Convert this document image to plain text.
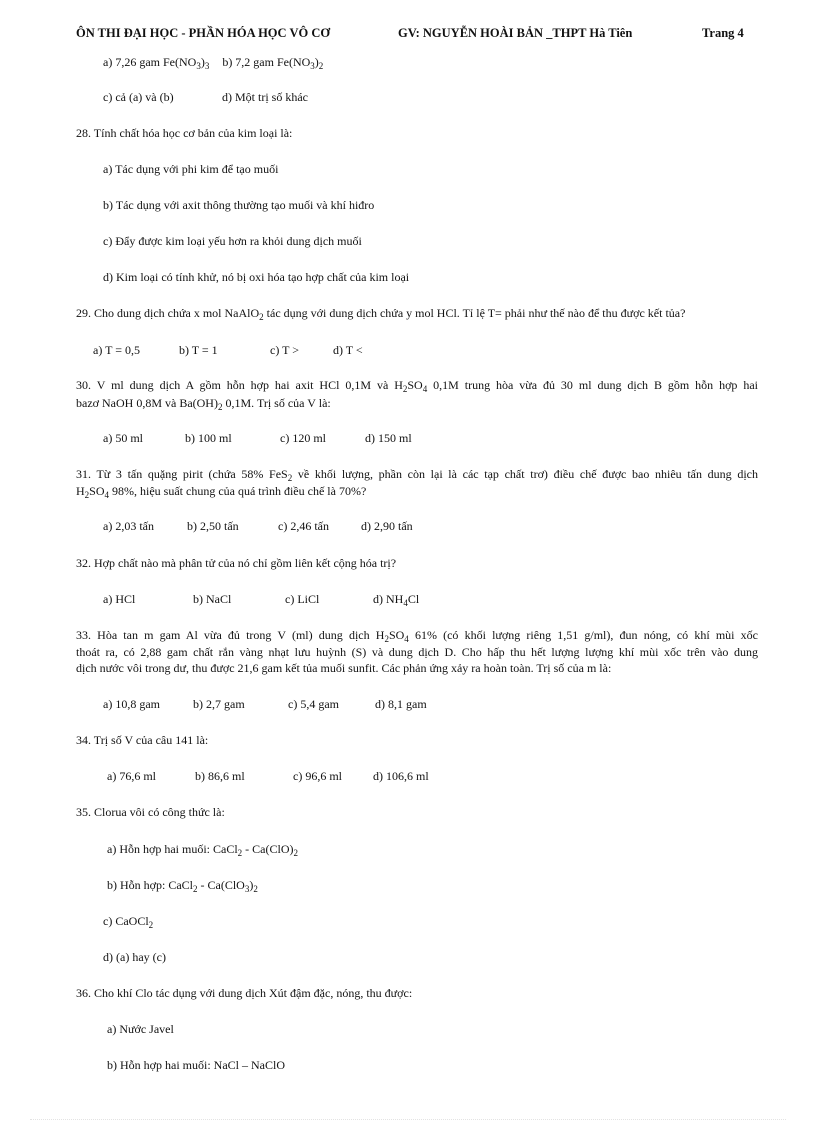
ÔN THI ĐẠI HỌC - PHẦN HÓA HỌC VÔ CƠ	GV: NGUYỄN HOÀI BẢN _THPT Hà Tiên	Trang 4
a) 7,26 gam $Fe(NO_3)_3$ b) 7,2 gam $Fe(NO_3)_2$
c) cả (a) và (b)	d) Một trị số khác
28. Tính chất hóa học cơ bản của kim loại là:
a) Tác dụng với phi kim để tạo muối
b) Tác dụng với axit thông thường tạo muối và khí hiđro
c) Đẩy được kim loại yếu hơn ra khỏi dung dịch muối
d) Kim loại có tính khử, nó bị oxi hóa tạo hợp chất của kim loại
29. Cho dung dịch chứa x mol NaAlO$_2$ tác dụng với dung dịch chứa y mol HCl. Tỉ lệ T= phải như thế nào để thu được kết tủa?
a) T = 0,5	b) T = 1	c) T >	d) T <
30. V ml dung dịch A gồm hỗn hợp hai axit HCl 0,1M và $H_2SO_4$ 0,1M trung hòa vừa đủ 30 ml dung dịch B gồm hỗn hợp hai
bazơ NaOH 0,8M và $Ba(OH)_2$ 0,1M. Trị số của V là:
a) 50 ml	b) 100 ml	c) 120 ml	d) 150 ml
31. Từ 3 tấn quặng pirit (chứa 58% FeS$_2$ về khối lượng, phần còn lại là các tạp chất trơ) điều chế được bao nhiêu tấn dung dịch
$H_2SO_4$ 98%, hiệu suất chung của quá trình điều chế là 70%?
a) 2,03 tấn	b) 2,50 tấn	c) 2,46 tấn	d) 2,90 tấn
32. Hợp chất nào mà phân tử của nó chỉ gồm liên kết cộng hóa trị?
a) HCl	b) NaCl	c) LiCl	d) $NH_4Cl$
33. Hòa tan m gam Al vừa đủ trong V (ml) dung dịch $H_2SO_4$ 61% (có khối lượng riêng 1,51 g/ml), đun nóng, có khí mùi xốc
thoát ra, có 2,88 gam chất rắn vàng nhạt lưu huỳnh (S) và dung dịch D. Cho hấp thu hết lượng lượng khí mùi xốc trên vào dung
dịch nước vôi trong dư, thu được 21,6 gam kết tủa muối sunfit. Các phản ứng xảy ra hoàn toàn. Trị số của m là:
a) 10,8 gam	b) 2,7 gam	c) 5,4 gam	d) 8,1 gam
34. Trị số V của câu 141 là:
a) 76,6 ml	b) 86,6 ml	c) 96,6 ml	d) 106,6 ml
35. Clorua vôi có công thức là:
a) Hỗn hợp hai muối: CaCl$_2$ - $Ca(ClO)_2$
b) Hỗn hợp: CaCl$_2$ - $Ca(ClO_3)_2$
c) CaOCl$_2$
d) (a) hay (c)
36. Cho khí Clo tác dụng với dung dịch Xút đậm đặc, nóng, thu được:
a) Nước Javel
b) Hỗn hợp hai muối: NaCl – NaClO
